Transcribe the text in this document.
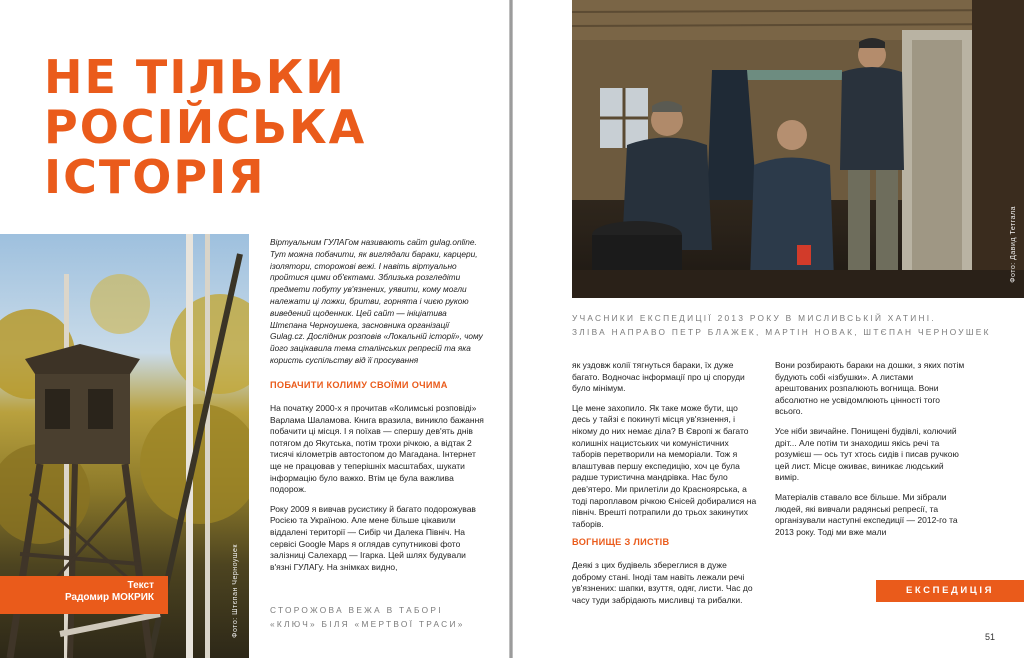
НЕ ТІЛЬКИ
РОСІЙСЬКА
ІСТОРІЯ
Фото: Штєпан Черноушек
Текст
Радомир МОКРИК

Віртуальним ГУЛАГом називають сайт gulag.online. Тут можна побачити, як виглядали бараки, карцери, ізолятори, сторожові вежі. І навіть віртуально пройтися цими об'єктами. Зблизька розгледіти предмети побуту ув'язнених, уявити, кому могли належати ці ложки, бритви, горнята і чиєю рукою виведений щоденник. Цей сайт — ініціатива Штєпана Черноушека, засновника організації Gulag.cz. Дослідник розповів «Локальній історії», чому його зацікавила тема сталінських репресій та яка користь суспільству від її просування

ПОБАЧИТИ КОЛИМУ СВОЇМИ ОЧИМА

На початку 2000-х я прочитав «Колимські розповіді» Варлама Шаламова. Книга вразила, виникло бажання побачити ці місця. І я поїхав — спершу дев'ять днів потягом до Якутська, потім трохи річкою, а відтак 2 тисячі кілометрів автостопом до Магадана. Інтернет ще не працював у теперішніх масштабах, шукати інформацію було важко. Втім це була важлива подорож.

Року 2009 я вивчав русистику й багато подорожував Росією та Україною. Але мене більше цікавили віддалені території — Сибір чи Далека Північ. На сервісі Google Maps я оглядав супутникові фото залізниці Салехард — Ігарка. Цей шлях будували в'язні ГУЛАГу. На знімках видно,

СТОРОЖОВА ВЕЖА В ТАБОРІ «КЛЮЧ» БІЛЯ «МЕРТВОЇ ТРАСИ»

Фото: Давид Тетгала

УЧАСНИКИ ЕКСПЕДИЦІЇ 2013 РОКУ В МИСЛИВСЬКІЙ ХАТИНІ.
ЗЛІВА НАПРАВО ПЕТР БЛАЖЕК, МАРТІН НОВАК, ШТЄПАН ЧЕРНОУШЕК

як уздовж колії тягнуться бараки, їх дуже багато. Водночас інформації про ці споруди було мінімум.

Це мене захопило. Як таке може бути, що десь у тайзі є покинуті місця ув'язнення, і нікому до них немає діла? В Європі ж багато колишніх нацистських чи комуністичних таборів перетворили на меморіали. Тож я влаштував першу експедицію, хоч це була радше туристична мандрівка. Нас було дев'ятеро. Ми прилетіли до Красноярська, а тоді пароплавом річкою Єнісей добиралися на північ. Врешті потрапили до трьох закинутих таборів.

ВОГНИЩЕ З ЛИСТІВ

Деякі з цих будівель збереглися в дуже доброму стані. Іноді там навіть лежали речі ув'язнених: шапки, взуття, одяг, листи. Час до часу туди забрідають мисливці та рибалки.

Вони розбирають бараки на дошки, з яких потім будують собі «ізбушки». А листами арештованих розпалюють вогнища. Вони абсолютно не усвідомлюють цінності того всього.

Усе ніби звичайне. Понищені будівлі, колючий дріт... Але потім ти знаходиш якісь речі та розумієш — ось тут хтось сидів і писав ручкою цей лист. Місце оживає, виникає людський вимір.

Матеріалів ставало все більше. Ми зібрали людей, які вивчали радянські репресії, та організували наступні експедиції — 2012-го та 2013 року. Тоді ми вже мали

ЕКСПЕДИЦІЯ
51
